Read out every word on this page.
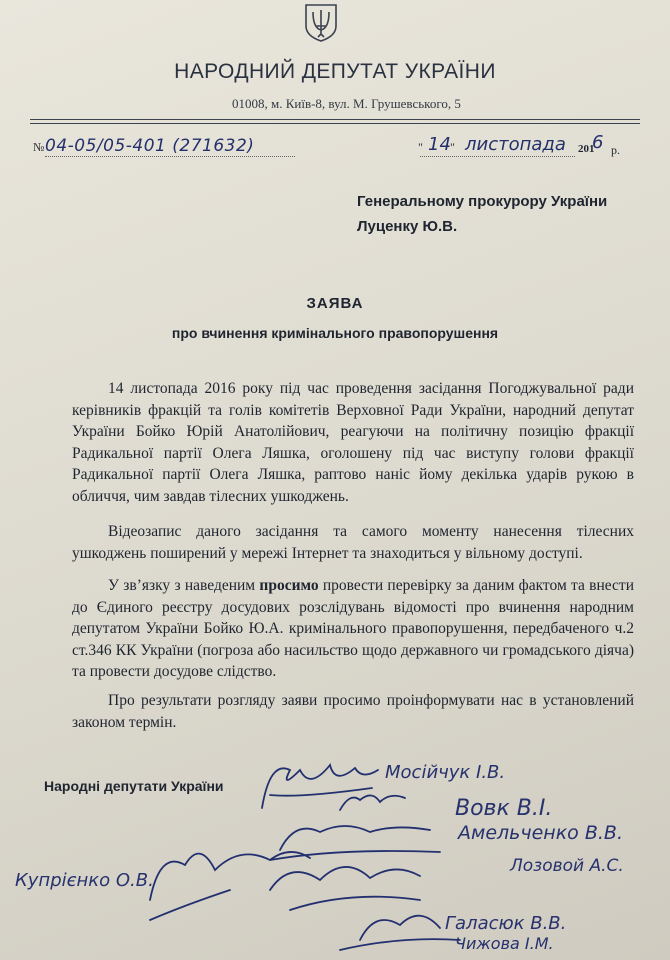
НАРОДНИЙ ДЕПУТАТ УКРАЇНИ
01008, м. Київ-8, вул. М. Грушевського, 5
№ 04-05/05-401 (271632)	" 14 " листопада 201
6 р.
Генеральному прокурору України
Луценку Ю.В.
ЗАЯВА
про вчинення кримінального правопорушення
14 листопада 2016 року під час проведення засідання Погоджувальної ради керівників фракцій та голів комітетів Верховної Ради України, народний депутат України Бойко Юрій Анатолійович, реагуючи на політичну позицію фракції Радикальної партії Олега Ляшка, оголошену під час виступу голови фракції Радикальної партії Олега Ляшка, раптово наніс йому декілька ударів рукою в обличчя, чим завдав тілесних ушкоджень.
Відеозапис даного засідання та самого моменту нанесення тілесних ушкоджень поширений у мережі Інтернет та знаходиться у вільному доступі.
У зв’язку з наведеним просимо провести перевірку за даним фактом та внести до Єдиного реєстру досудових розслідувань відомості про вчинення народним депутатом України Бойко Ю.А. кримінального правопорушення, передбаченого ч.2 ст.346 КК України (погроза або насильство щодо державного чи громадського діяча) та провести досудове слідство.
Про результати розгляду заяви просимо проінформувати нас в установлений законом термін.
Народні депутати України
Мосійчук І.В.
Вовк В.І.
Амельченко В.В.
Купрієнко О.В.
Лозовой А.С.
Галасюк В.В.
Чижова І.М.
